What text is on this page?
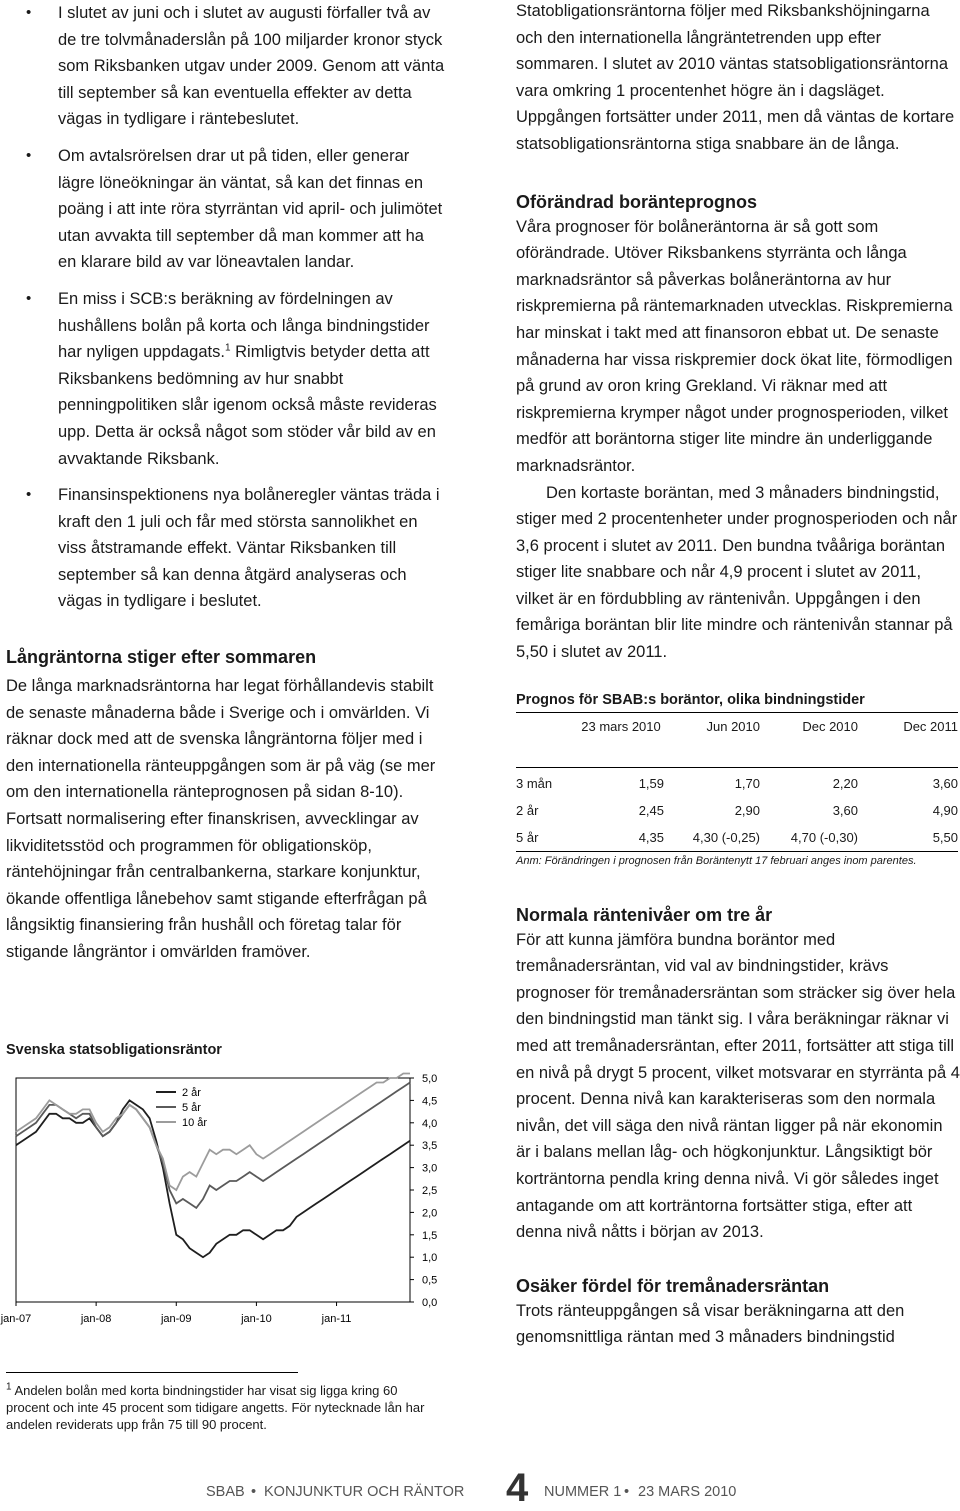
• I slutet av juni och i slutet av augusti förfaller två av de tre tolvmånaderslån på 100 miljarder kronor styck som Riksbanken utgav under 2009. Genom att vänta till september så kan eventuella effekter av detta vägas in tydligare i räntebeslutet.
• Om avtalsrörelsen drar ut på tiden, eller generar lägre löneökningar än väntat, så kan det finnas en poäng i att inte röra styrräntan vid april- och julimötet utan avvakta till september då man kommer att ha en klarare bild av var löneavtalen landar.
• En miss i SCB:s beräkning av fördelningen av hushållens bolån på korta och långa bindningstider har nyligen uppdagats.$^1$ Rimligtvis betyder detta att Riksbankens bedömning av hur snabbt penningpolitiken slår igenom också måste revideras upp. Detta är också något som stöder vår bild av en avvaktande Riksbank.
• Finansinspektionens nya bolåneregler väntas träda i kraft den 1 juli och får med största sannolikhet en viss åtstramande effekt. Väntar Riksbanken till september så kan denna åtgärd analyseras och vägas in tydligare i beslutet.
Långräntorna stiger efter sommaren

De långa marknadsräntorna har legat förhållandevis stabilt de senaste månaderna både i Sverige och i omvärlden. Vi räknar dock med att de svenska långräntorna följer med i den internationella ränteuppgången som är på väg (se mer om den internationella ränteprognosen på sidan 8-10). Fortsatt normalisering efter finanskrisen, avvecklingar av likviditetsstöd och programmen för obligationsköp, räntehöjningar från centralbankerna, starkare konjunktur, ökande offentliga lånebehov samt stigande efterfrågan på långsiktig finansiering från hushåll och företag talar för stigande långräntor i omvärlden framöver.

Svenska statsobligationsräntor
5,0
4,5
4,0
3,5
3,0
2,5
2,0
1,5
1,0
0,5
0,0
jan-07	jan-08	jan-09	jan-10	jan-11
2 år
5 år
10 år
$^1$ Andelen bolån med korta bindningstider har visat sig ligga kring 60 procent och inte 45 procent som tidigare angetts. För nytecknade lån har andelen reviderats upp från 75 till 90 procent.

Statobligationsräntorna följer med Riksbankshöjningarna och den internationella långräntetrenden upp efter sommaren. I slutet av 2010 väntas statsobligationsräntorna vara omkring 1 procentenhet högre än i dagsläget. Uppgången fortsätter under 2011, men då väntas de kortare statsobligationsräntorna stiga snabbare än de långa.

Oförändrad boränteprognos

Våra prognoser för bolåneräntorna är så gott som oförändrade. Utöver Riksbankens styrränta och långa marknadsräntor så påverkas bolåneräntorna av hur riskpremierna på räntemarknaden utvecklas. Riskpremierna har minskat i takt med att finansoron ebbat ut. De senaste månaderna har vissa riskpremier dock ökat lite, förmodligen på grund av oron kring Grekland. Vi räknar med att riskpremierna krymper något under prognosperioden, vilket medför att boräntorna stiger lite mindre än underliggande marknadsräntor.

Den kortaste boräntan, med 3 månaders bindningstid, stiger med 2 procentenheter under prognosperioden och når 3,6 procent i slutet av 2011. Den bundna tvååriga boräntan stiger lite snabbare och når 4,9 procent i slutet av 2011, vilket är en fördubbling av räntenivån. Uppgången i den femåriga boräntan blir lite mindre och räntenivån stannar på 5,50 i slutet av 2011.

Prognos för SBAB:s boräntor, olika bindningstider
	23 mars 2010	Jun 2010	Dec 2010	Dec 2011

3 mån	1,59	1,70	2,20	3,60
2 år	2,45	2,90	3,60	4,90
5 år	4,35	4,30 (-0,25)	4,70 (-0,30)	5,50
Anm: Förändringen i prognosen från Boräntenytt 17 februari anges inom parentes.
Normala räntenivåer om tre år

För att kunna jämföra bundna boräntor med tremånadersräntan, vid val av bindningstider, krävs prognoser för tremånadersräntan som sträcker sig över hela den bindningstid man tänkt sig. I våra beräkningar räknar vi med att tremånadersräntan, efter 2011, fortsätter att stiga till en nivå på drygt 5 procent, vilket motsvarar en styrränta på 4 procent. Denna nivå kan karakteriseras som den normala nivån, det vill säga den nivå räntan ligger på när ekonomin är i balans mellan låg- och högkonjunktur. Långsiktigt bör korträntorna pendla kring denna nivå. Vi gör således inget antagande om att korträntorna fortsätter stiga, efter att denna nivå nåtts i början av 2013.

Osäker fördel för tremånadersräntan

Trots ränteuppgången så visar beräkningarna att den genomsnittliga räntan med 3 månaders bindningstid

SBAB • KONJUNKTUR OCH RÄNTOR 4 NUMMER 1 • 23 MARS 2010
